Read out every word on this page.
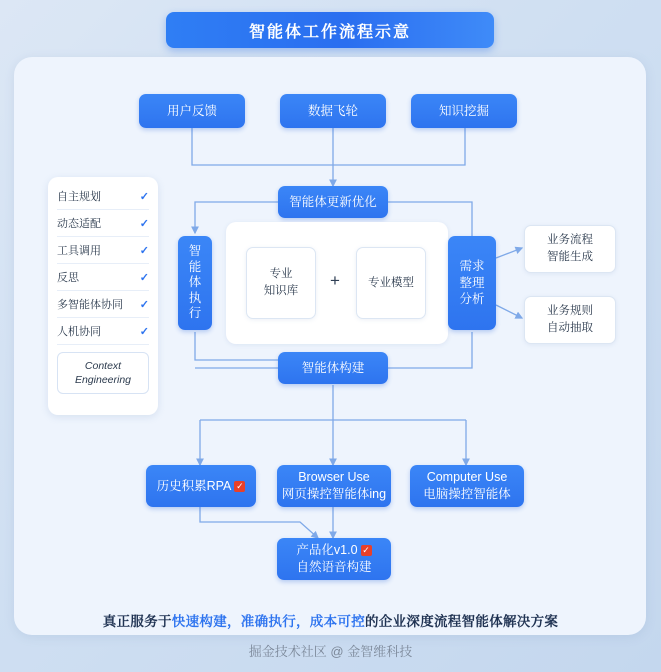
智能体工作流程示意
用户反馈	数据飞轮	知识挖掘
智能体更新优化
自主规划	✓
动态适配	✓
工具调用	✓
反思	✓
多智能体协同 ✓
人机协同	✓
Context
Engineering
智能体执行
专业
知识库
+ 专业模型
需求
整理
分析
业务流程
智能生成
业务规则
自动抽取
智能体构建
历史积累RPA ✓
Browser Use
网页操控智能体ing
Computer Use
电脑操控智能体
产品化v1.0 ✓
自然语音构建
真正服务于快速构建，准确执行，成本可控的企业深度流程智能体解决方案
掘金技术社区 @ 金智维科技
